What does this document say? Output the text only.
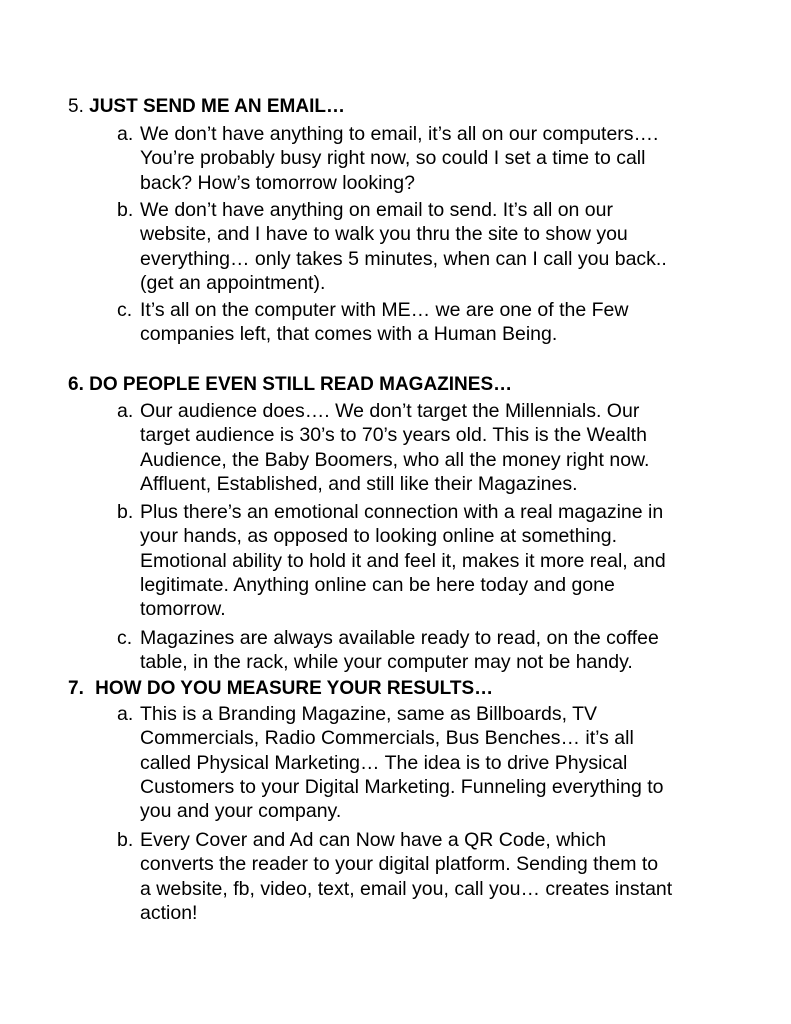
5. JUST SEND ME AN EMAIL…
a. We don’t have anything to email, it’s all on our computers….
You’re probably busy right now, so could I set a time to call
back? How’s tomorrow looking?
b. We don’t have anything on email to send. It’s all on our
website, and I have to walk you thru the site to show you
everything… only takes 5 minutes, when can I call you back..
(get an appointment).
c. It’s all on the computer with ME… we are one of the Few
companies left, that comes with a Human Being.
6. DO PEOPLE EVEN STILL READ MAGAZINES…
a. Our audience does…. We don’t target the Millennials. Our
target audience is 30’s to 70’s years old. This is the Wealth
Audience, the Baby Boomers, who all the money right now.
Affluent, Established, and still like their Magazines.
b. Plus there’s an emotional connection with a real magazine in
your hands, as opposed to looking online at something.
Emotional ability to hold it and feel it, makes it more real, and
legitimate. Anything online can be here today and gone
tomorrow.
c. Magazines are always available ready to read, on the coffee
table, in the rack, while your computer may not be handy.
7. HOW DO YOU MEASURE YOUR RESULTS…
a. This is a Branding Magazine, same as Billboards, TV
Commercials, Radio Commercials, Bus Benches… it’s all
called Physical Marketing… The idea is to drive Physical
Customers to your Digital Marketing. Funneling everything to
you and your company.
b. Every Cover and Ad can Now have a QR Code, which
converts the reader to your digital platform. Sending them to
a website, fb, video, text, email you, call you… creates instant
action!
